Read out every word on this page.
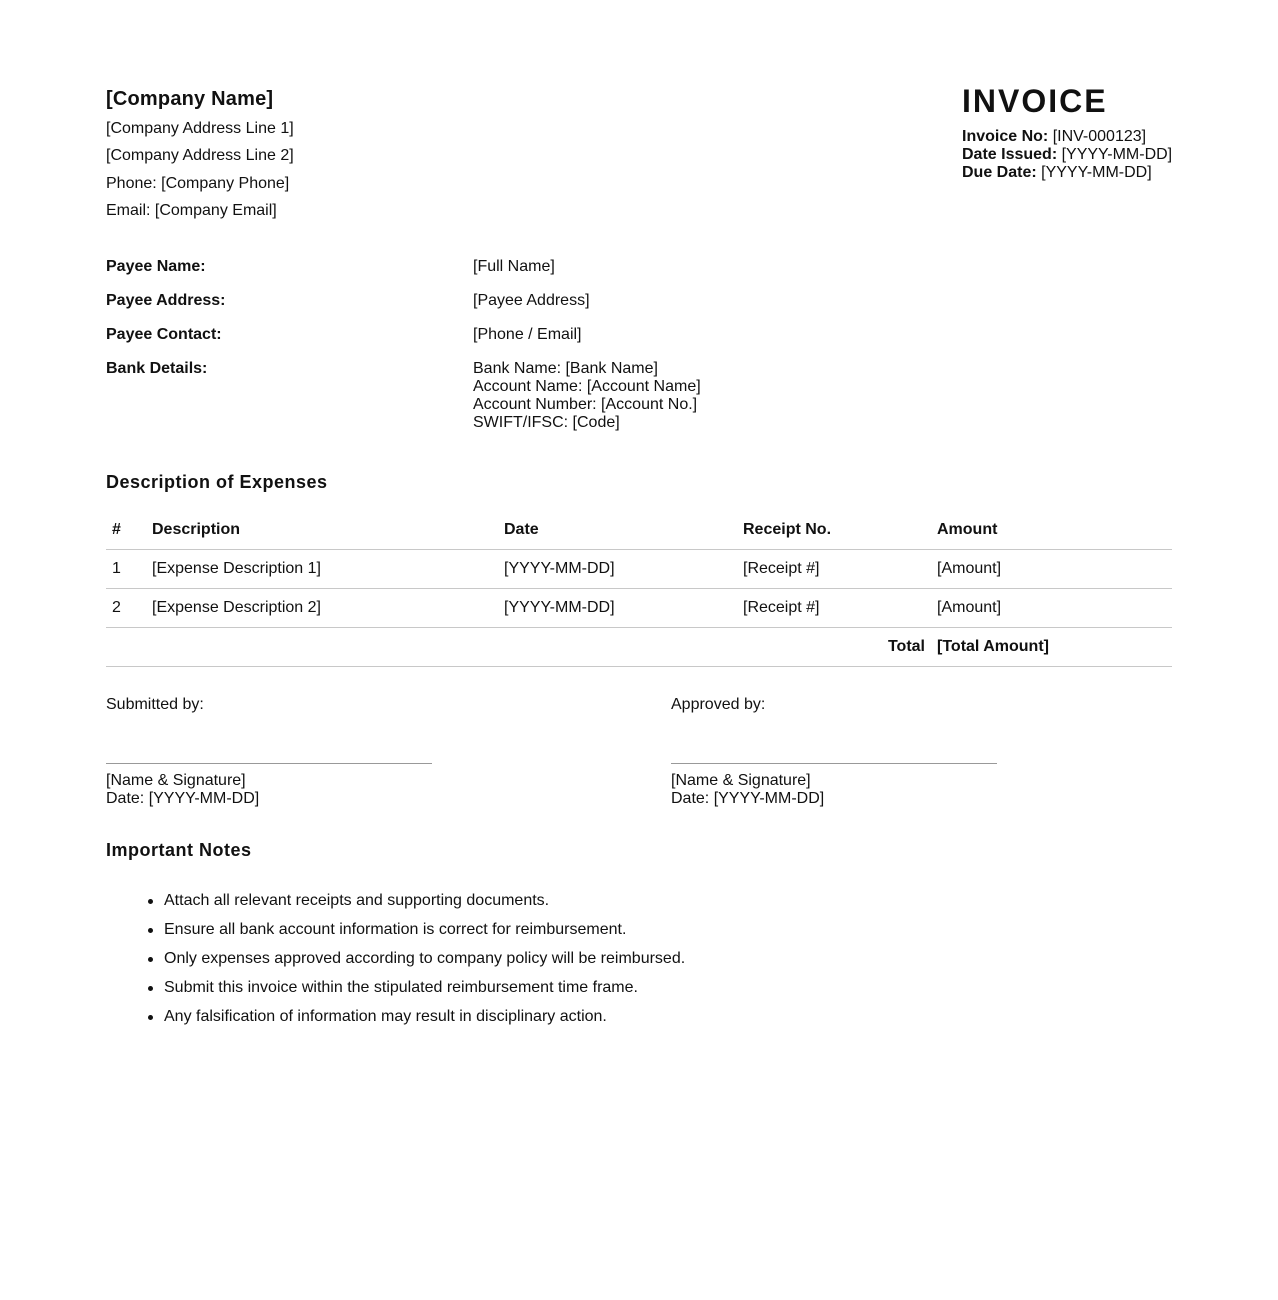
[Company Name]
[Company Address Line 1]
[Company Address Line 2]
Phone: [Company Phone]
Email: [Company Email]
INVOICE
Invoice No: [INV-000123]
Date Issued: [YYYY-MM-DD]
Due Date: [YYYY-MM-DD]
Payee Name:	[Full Name]
Payee Address:	[Payee Address]
Payee Contact:	[Phone / Email]
Bank Details:	Bank Name: [Bank Name]
Account Name: [Account Name]
Account Number: [Account No.]
SWIFT/IFSC: [Code]
Description of Expenses
#	Description	Date	Receipt No.	Amount
1	[Expense Description 1]	[YYYY-MM-DD]	[Receipt #]	[Amount]
2	[Expense Description 2]	[YYYY-MM-DD]	[Receipt #]	[Amount]
Total				[Total Amount]
Submitted by:
[Name & Signature]
Date: [YYYY-MM-DD]
Approved by:
[Name & Signature]
Date: [YYYY-MM-DD]
Important Notes
Attach all relevant receipts and supporting documents.
Ensure all bank account information is correct for reimbursement.
Only expenses approved according to company policy will be reimbursed.
Submit this invoice within the stipulated reimbursement time frame.
Any falsification of information may result in disciplinary action.
